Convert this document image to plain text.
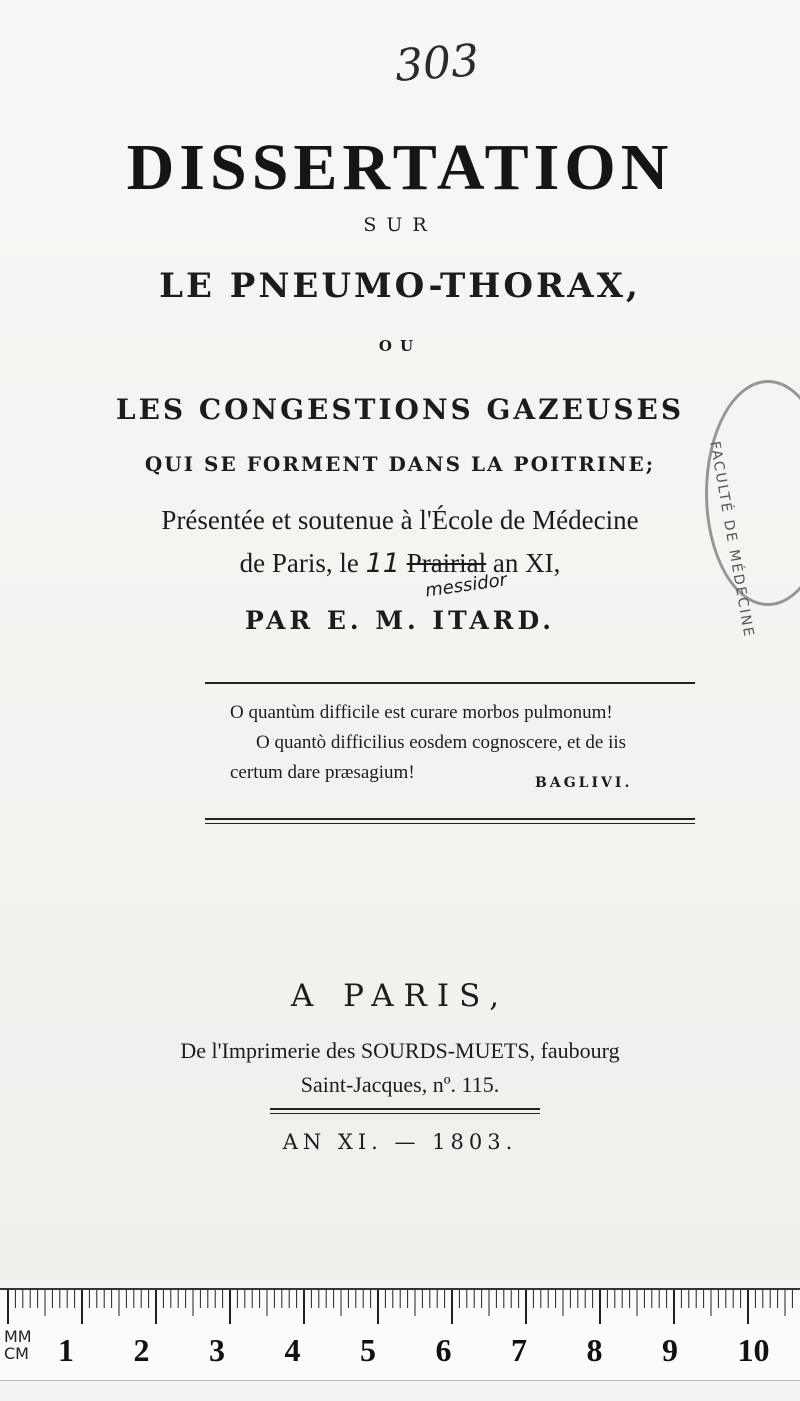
303
DISSERTATION
SUR
LE PNEUMO-THORAX,
OU
LES CONGESTIONS GAZEUSES
QUI SE FORMENT DANS LA POITRINE;
Présentée et soutenue à l'École de Médecine
de Paris, le 11 Prairial an XI,
messidor
PAR E. M. ITARD.
O quantùm difficile est curare morbos pulmonum!
O quantò difficilius eosdem cognoscere, et de iis
certum dare præsagium!	BAGLIVI.
A PARIS,
De l'Imprimerie des SOURDS-MUETS, faubourg
Saint-Jacques, nº. 115.
AN XI. — 1803.
FACULTÉ DE MÉDECINE
MM
CM 1 2 3 4 5 6 7 8 9 10
